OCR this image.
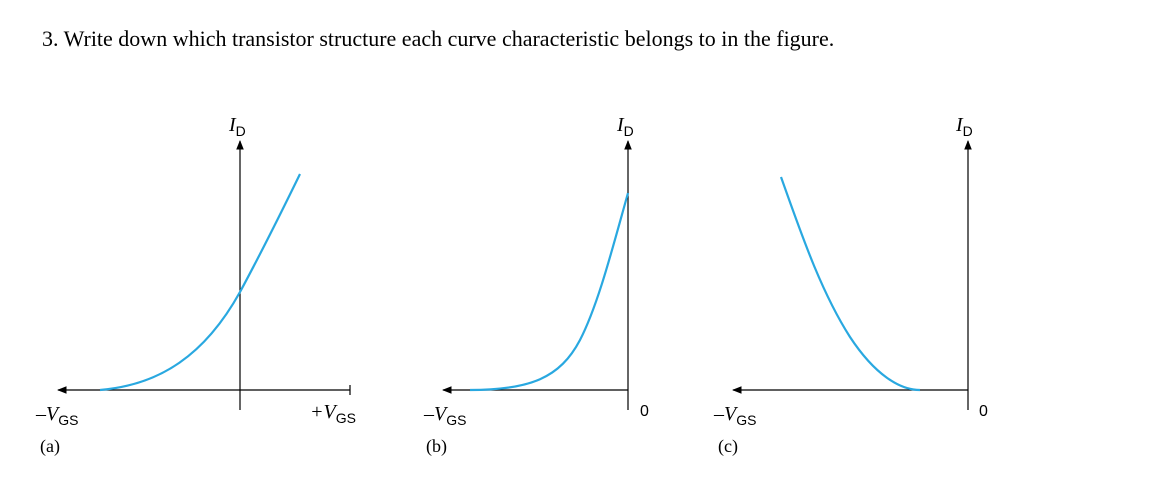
3. Write down which transistor structure each curve characteristic belongs to in the figure.
$I_D$
$-V_{GS}$	$+V_{GS}$
(a)
$I_D$
$-V_{GS}$	0
(b)
$I_D$
$-V_{GS}$	0
(c)
